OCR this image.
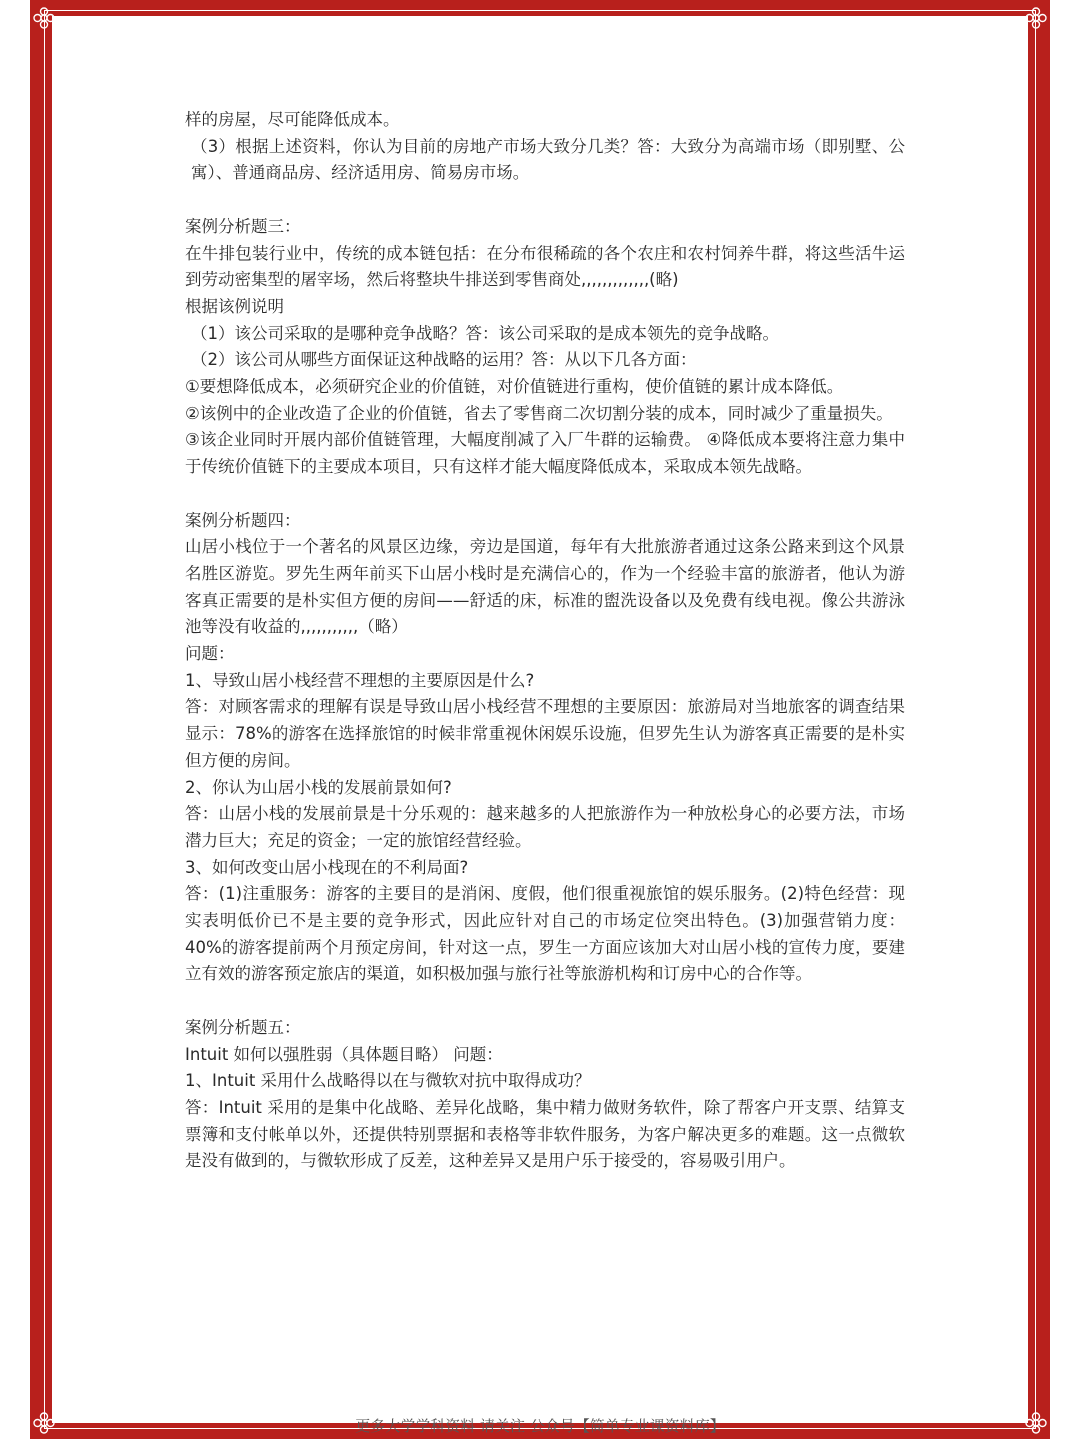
样的房屋，尽可能降低成本。

（3）根据上述资料，你认为目前的房地产市场大致分几类？答：大致分为高端市场（即别墅、公寓）、普通商品房、经济适用房、简易房市场。

案例分析题三：

在牛排包装行业中，传统的成本链包括：在分布很稀疏的各个农庄和农村饲养牛群，将这些活牛运到劳动密集型的屠宰场，然后将整块牛排送到零售商处,,,,,,,,,,,,,(略)

根据该例说明

（1）该公司采取的是哪种竞争战略？答：该公司采取的是成本领先的竞争战略。

（2）该公司从哪些方面保证这种战略的运用？答：从以下几各方面：

①要想降低成本，必须研究企业的价值链，对价值链进行重构，使价值链的累计成本降低。

②该例中的企业改造了企业的价值链，省去了零售商二次切割分装的成本，同时减少了重量损失。

③该企业同时开展内部价值链管理，大幅度削减了入厂牛群的运输费。 ④降低成本要将注意力集中于传统价值链下的主要成本项目，只有这样才能大幅度降低成本，采取成本领先战略。

案例分析题四：

山居小栈位于一个著名的风景区边缘，旁边是国道，每年有大批旅游者通过这条公路来到这个风景名胜区游览。罗先生两年前买下山居小栈时是充满信心的，作为一个经验丰富的旅游者，他认为游客真正需要的是朴实但方便的房间——舒适的床，标准的盥洗设备以及免费有线电视。像公共游泳池等没有收益的,,,,,,,,,,,（略）

问题：

1、导致山居小栈经营不理想的主要原因是什么?

答：对顾客需求的理解有误是导致山居小栈经营不理想的主要原因：旅游局对当地旅客的调查结果显示：78%的游客在选择旅馆的时候非常重视休闲娱乐设施，但罗先生认为游客真正需要的是朴实但方便的房间。

2、你认为山居小栈的发展前景如何?

答：山居小栈的发展前景是十分乐观的：越来越多的人把旅游作为一种放松身心的必要方法，市场潜力巨大；充足的资金；一定的旅馆经营经验。

3、如何改变山居小栈现在的不利局面?

答：(1)注重服务：游客的主要目的是消闲、度假，他们很重视旅馆的娱乐服务。(2)特色经营：现实表明低价已不是主要的竞争形式，因此应针对自己的市场定位突出特色。(3)加强营销力度：40%的游客提前两个月预定房间，针对这一点，罗生一方面应该加大对山居小栈的宣传力度，要建立有效的游客预定旅店的渠道，如积极加强与旅行社等旅游机构和订房中心的合作等。

案例分析题五：

Intuit 如何以强胜弱（具体题目略） 问题：

1、Intuit 采用什么战略得以在与微软对抗中取得成功？

答：Intuit 采用的是集中化战略、差异化战略，集中精力做财务软件，除了帮客户开支票、结算支票簿和支付帐单以外，还提供特别票据和表格等非软件服务，为客户解决更多的难题。这一点微软是没有做到的，与微软形成了反差，这种差异又是用户乐于接受的，容易吸引用户。
